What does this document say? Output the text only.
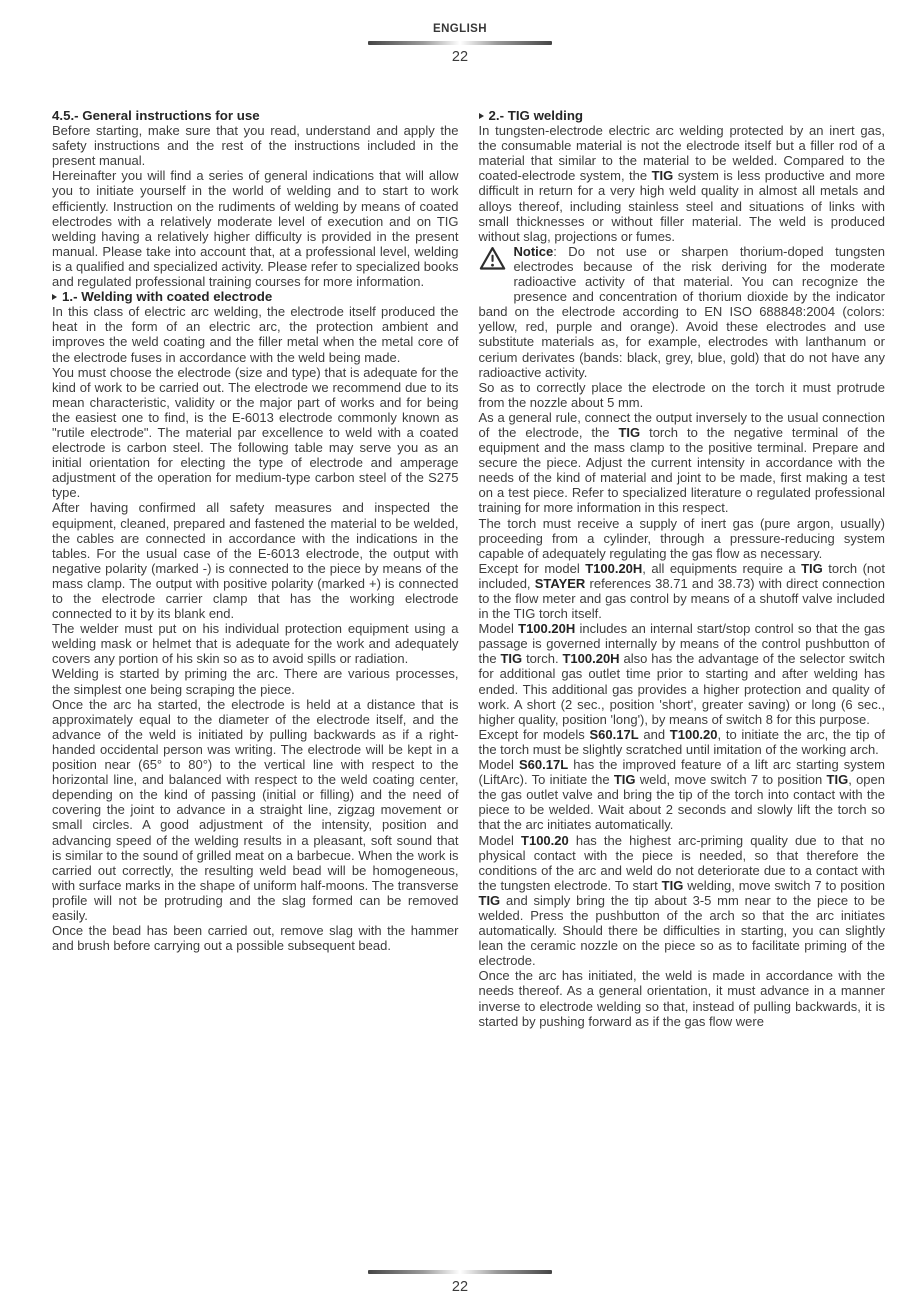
ENGLISH
22
4.5.- General instructions for use

Before starting, make sure that you read, understand and apply the safety instructions and the rest of the instructions included in the present manual.

Hereinafter you will find a series of general indications that will allow you to initiate yourself in the world of welding and to start to work efficiently. Instruction on the rudiments of welding by means of coated electrodes with a relatively moderate level of execution and on TIG welding having a relatively higher difficulty is provided in the present manual. Please take into account that, at a professional level, welding is a qualified and specialized activity. Please refer to specialized books and regulated professional training courses for more information.

1.- Welding with coated electrode

In this class of electric arc welding, the electrode itself produced the heat in the form of an electric arc, the protection ambient and improves the weld coating and the filler metal when the metal core of the electrode fuses in accordance with the weld being made.

You must choose the electrode (size and type) that is adequate for the kind of work to be carried out. The electrode we recommend due to its mean characteristic, validity or the major part of works and for being the easiest one to find, is the E-6013 electrode commonly known as "rutile electrode". The material par excellence to weld with a coated electrode is carbon steel. The following table may serve you as an initial orientation for electing the type of electrode and amperage adjustment of the operation for medium-type carbon steel of the S275 type.

After having confirmed all safety measures and inspected the equipment, cleaned, prepared and fastened the material to be welded, the cables are connected in accordance with the indications in the tables. For the usual case of the E-6013 electrode, the output with negative polarity (marked -) is connected to the piece by means of the mass clamp. The output with positive polarity (marked +) is connected to the electrode carrier clamp that has the working electrode connected to it by its blank end.

The welder must put on his individual protection equipment using a welding mask or helmet that is adequate for the work and adequately covers any portion of his skin so as to avoid spills or radiation.

Welding is started by priming the arc. There are various processes, the simplest one being scraping the piece.

Once the arc ha started, the electrode is held at a distance that is approximately equal to the diameter of the electrode itself, and the advance of the weld is initiated by pulling backwards as if a right-handed occidental person was writing. The electrode will be kept in a position near (65° to 80°) to the vertical line with respect to the horizontal line, and balanced with respect to the weld coating center, depending on the kind of passing (initial or filling) and the need of covering the joint to advance in a straight line, zigzag movement or small circles. A good adjustment of the intensity, position and advancing speed of the welding results in a pleasant, soft sound that is similar to the sound of grilled meat on a barbecue. When the work is carried out correctly, the resulting weld bead will be homogeneous, with surface marks in the shape of uniform half-moons. The transverse profile will not be protruding and the slag formed can be removed easily.

Once the bead has been carried out, remove slag with the hammer and brush before carrying out a possible subsequent bead.

2.- TIG welding

In tungsten-electrode electric arc welding protected by an inert gas, the consumable material is not the electrode itself but a filler rod of a material that similar to the material to be welded. Compared to the coated-electrode system, the TIG system is less productive and more difficult in return for a very high weld quality in almost all metals and alloys thereof, including stainless steel and situations of links with small thicknesses or without filler material. The weld is produced without slag, projections or fumes.

Notice: Do not use or sharpen thorium-doped tungsten electrodes because of the risk deriving for the moderate radioactive activity of that material. You can recognize the presence and concentration of thorium dioxide by the indicator band on the electrode according to EN ISO 688848:2004 (colors: yellow, red, purple and orange). Avoid these electrodes and use substitute materials as, for example, electrodes with lanthanum or cerium derivates (bands: black, grey, blue, gold) that do not have any radioactive activity.

So as to correctly place the electrode on the torch it must protrude from the nozzle about 5 mm.

As a general rule, connect the output inversely to the usual connection of the electrode, the TIG torch to the negative terminal of the equipment and the mass clamp to the positive terminal. Prepare and secure the piece. Adjust the current intensity in accordance with the needs of the kind of material and joint to be made, first making a test on a test piece. Refer to specialized literature o regulated professional training for more information in this respect.

The torch must receive a supply of inert gas (pure argon, usually) proceeding from a cylinder, through a pressure-reducing system capable of adequately regulating the gas flow as necessary.

Except for model T100.20H, all equipments require a TIG torch (not included, STAYER references 38.71 and 38.73) with direct connection to the flow meter and gas control by means of a shutoff valve included in the TIG torch itself.

Model T100.20H includes an internal start/stop control so that the gas passage is governed internally by means of the control pushbutton of the TIG torch. T100.20H also has the advantage of the selector switch for additional gas outlet time prior to starting and after welding has ended. This additional gas provides a higher protection and quality of work. A short (2 sec., position 'short', greater saving) or long (6 sec., higher quality, position 'long'), by means of switch 8 for this purpose.

Except for models S60.17L and T100.20, to initiate the arc, the tip of the torch must be slightly scratched until imitation of the working arch.

Model S60.17L has the improved feature of a lift arc starting system (LiftArc). To initiate the TIG weld, move switch 7 to position TIG, open the gas outlet valve and bring the tip of the torch into contact with the piece to be welded. Wait about 2 seconds and slowly lift the torch so that the arc initiates automatically.

Model T100.20 has the highest arc-priming quality due to that no physical contact with the piece is needed, so that therefore the conditions of the arc and weld do not deteriorate due to a contact with the tungsten electrode. To start TIG welding, move switch 7 to position TIG and simply bring the tip about 3-5 mm near to the piece to be welded. Press the pushbutton of the arch so that the arc initiates automatically. Should there be difficulties in starting, you can slightly lean the ceramic nozzle on the piece so as to facilitate priming of the electrode.

Once the arc has initiated, the weld is made in accordance with the needs thereof. As a general orientation, it must advance in a manner inverse to electrode welding so that, instead of pulling backwards, it is started by pushing forward as if the gas flow were

22
